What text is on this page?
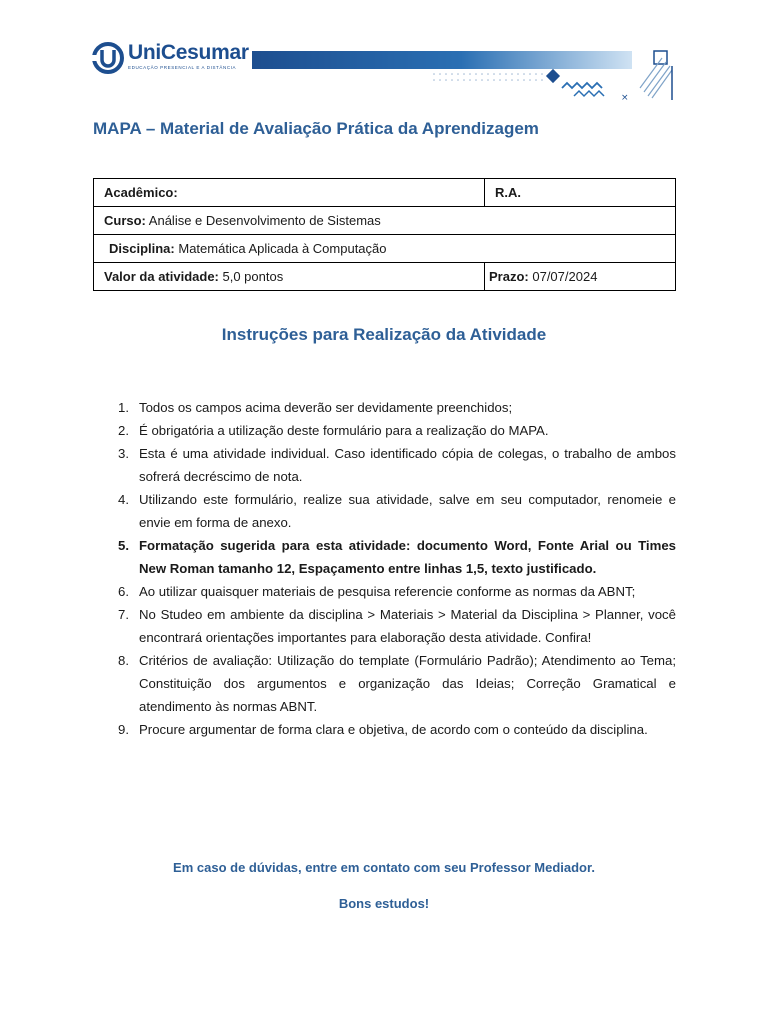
UniCesumar
EDUCAÇÃO PRESENCIAL E A DISTÂNCIA
×
MAPA – Material de Avaliação Prática da Aprendizagem
Acadêmico:	R.A.
Curso: Análise e Desenvolvimento de Sistemas	
Disciplina: Matemática Aplicada à Computação	
Valor da atividade: 5,0 pontos	Prazo: 07/07/2024
Instruções para Realização da Atividade
1. Todos os campos acima deverão ser devidamente preenchidos;
2. É obrigatória a utilização deste formulário para a realização do MAPA.
3. Esta é uma atividade individual. Caso identificado cópia de colegas, o trabalho de ambos sofrerá decréscimo de nota.
4. Utilizando este formulário, realize sua atividade, salve em seu computador, renomeie e envie em forma de anexo.
5. Formatação sugerida para esta atividade: documento Word, Fonte Arial ou Times New Roman tamanho 12, Espaçamento entre linhas 1,5, texto justificado.
6. Ao utilizar quaisquer materiais de pesquisa referencie conforme as normas da ABNT;
7. No Studeo em ambiente da disciplina > Materiais > Material da Disciplina > Planner, você encontrará orientações importantes para elaboração desta atividade. Confira!
8. Critérios de avaliação: Utilização do template (Formulário Padrão); Atendimento ao Tema; Constituição dos argumentos e organização das Ideias; Correção Gramatical e atendimento às normas ABNT.
9. Procure argumentar de forma clara e objetiva, de acordo com o conteúdo da disciplina.
Em caso de dúvidas, entre em contato com seu Professor Mediador.
Bons estudos!
